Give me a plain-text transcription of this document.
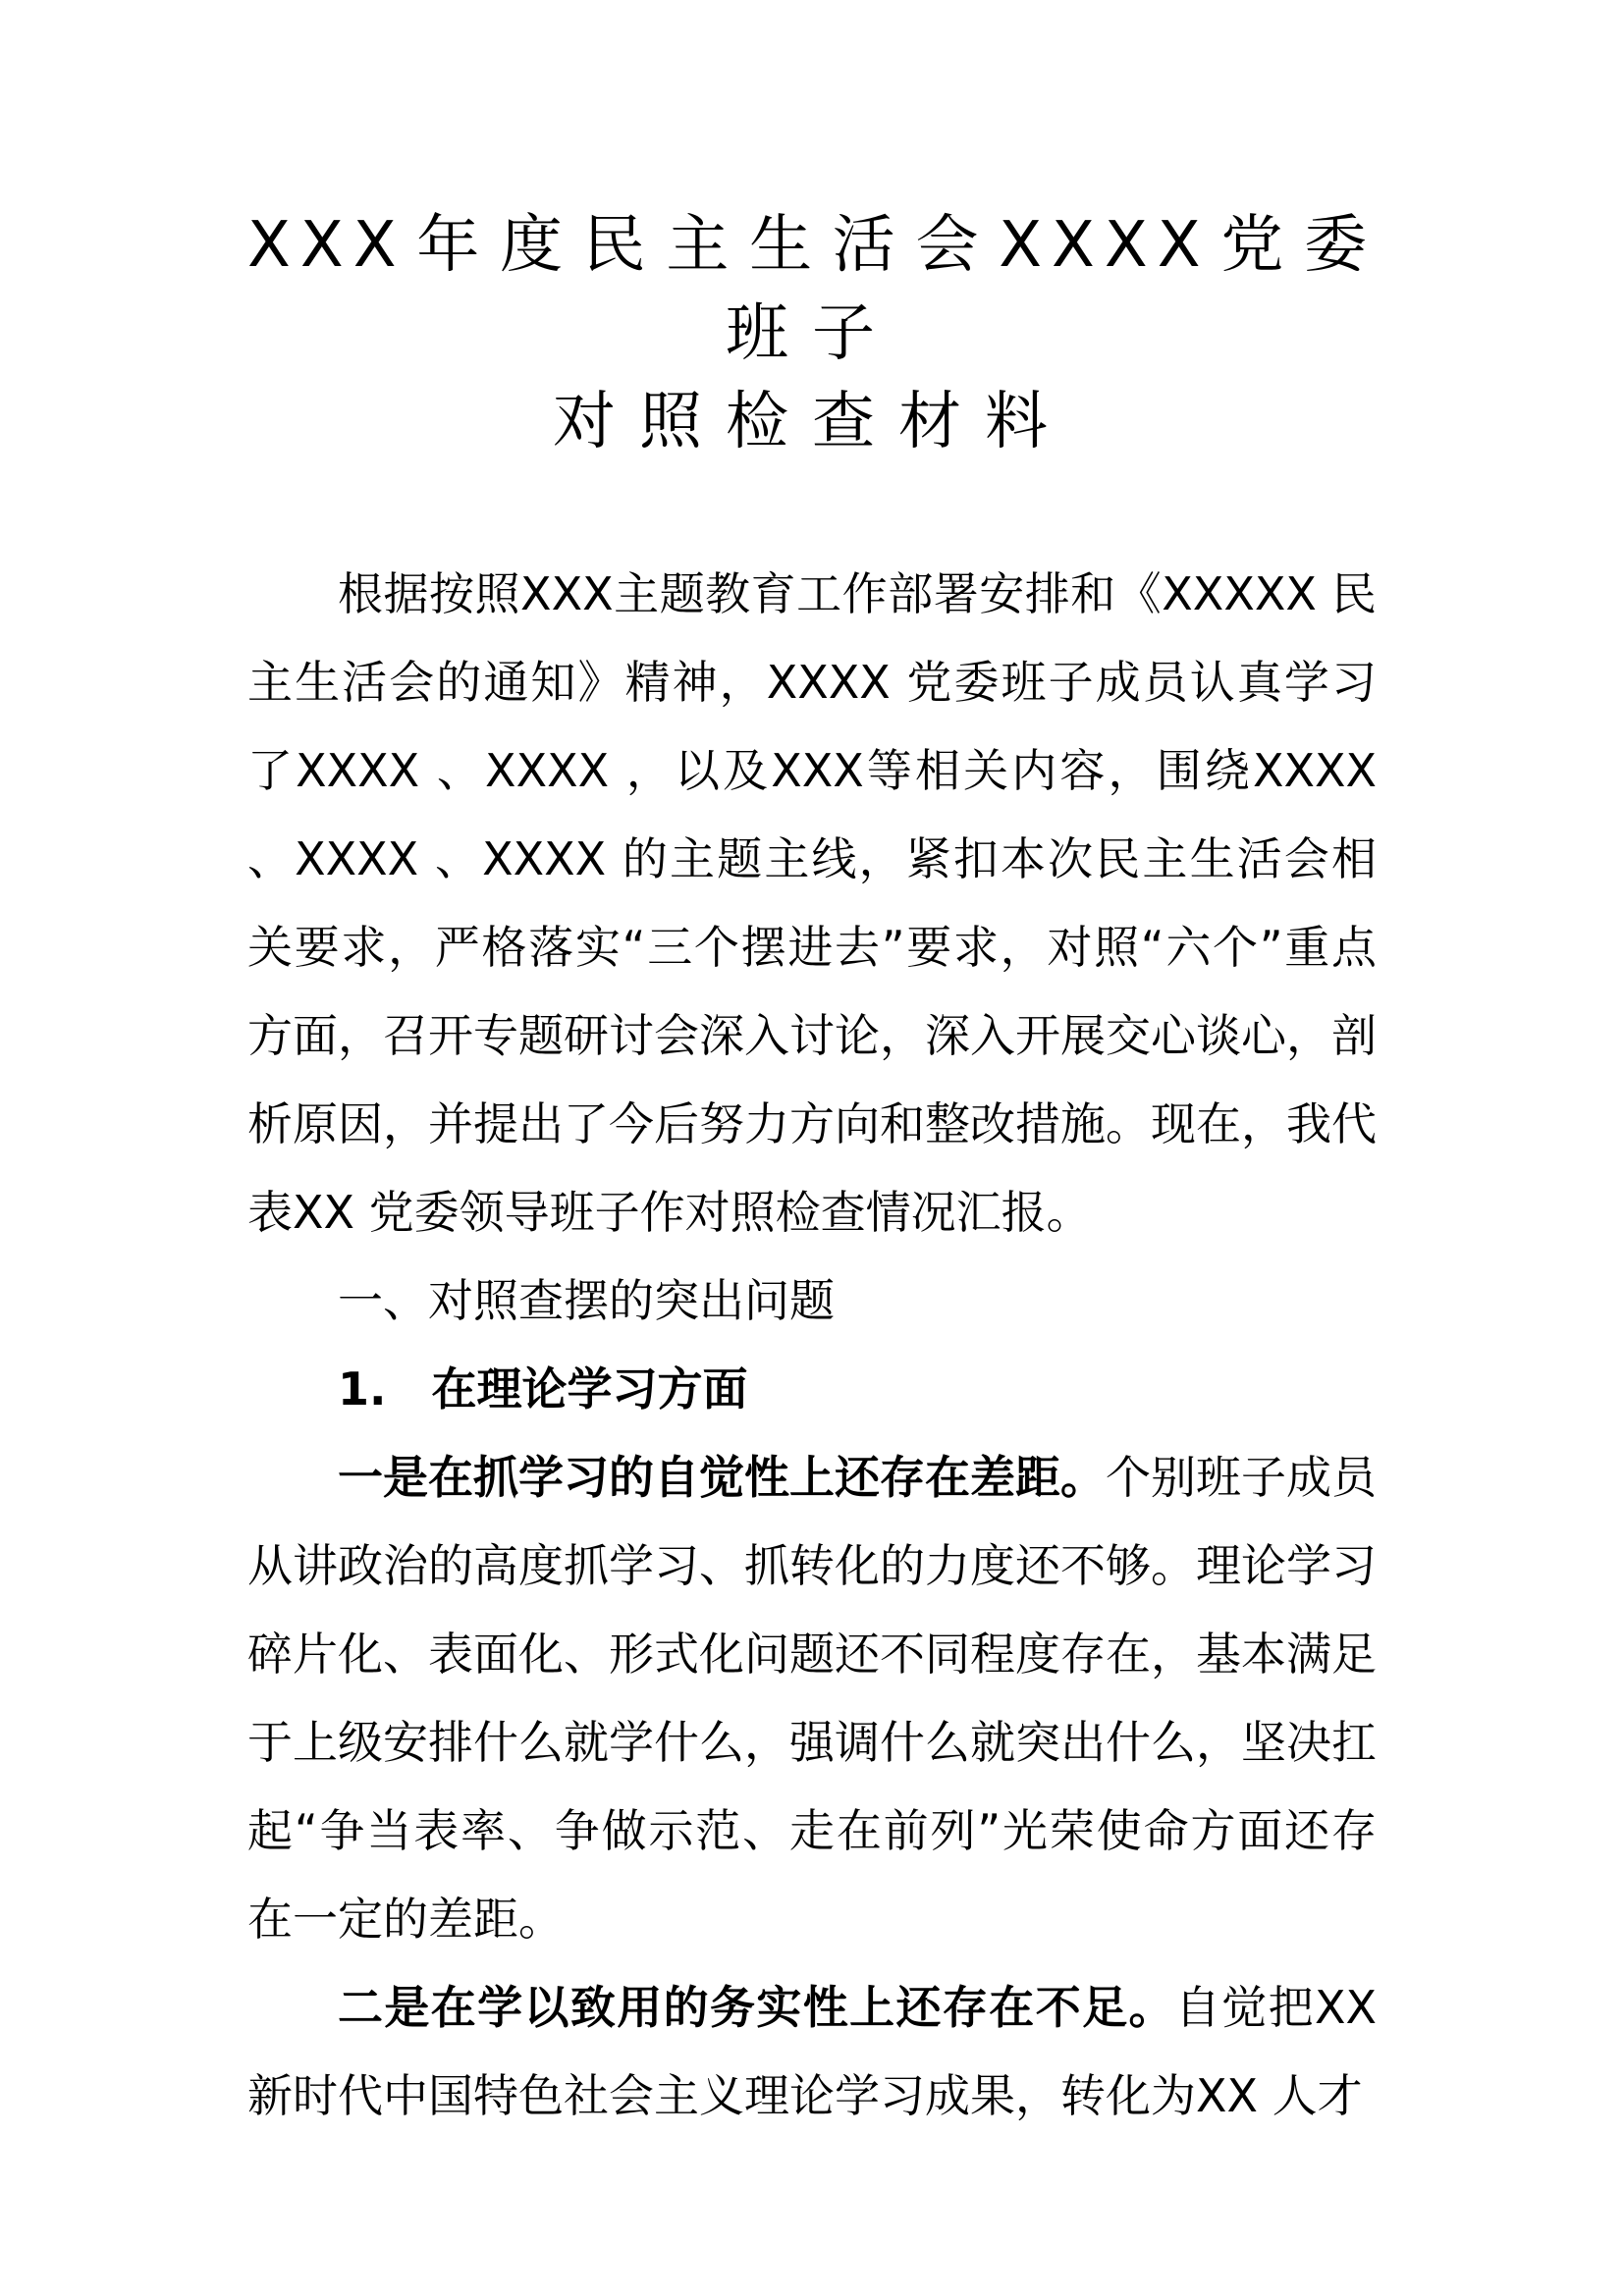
XXX年度民主生活会XXXX党委

班子

对照检查材料

根据按照XXX主题教育工作部署安排和《XXXXX 民主生活会的通知》精神，XXXX 党委班子成员认真学习了XXXX 、XXXX ，以及XXX等相关内容，围绕XXXX 、XXXX 、XXXX 的主题主线，紧扣本次民主生活会相关要求，严格落实“三个摆进去”要求，对照“六个”重点方面，召开专题研讨会深入讨论，深入开展交心谈心，剖析原因，并提出了今后努力方向和整改措施。现在，我代表XX 党委领导班子作对照检查情况汇报。

一、对照查摆的突出问题

1. 在理论学习方面

一是在抓学习的自觉性上还存在差距。个别班子成员从讲政治的高度抓学习、抓转化的力度还不够。理论学习碎片化、表面化、形式化问题还不同程度存在，基本满足于上级安排什么就学什么，强调什么就突出什么，坚决扛起“争当表率、争做示范、走在前列”光荣使命方面还存在一定的差距。

二是在学以致用的务实性上还存在不足。自觉把XX 新时代中国特色社会主义理论学习成果，转化为XX 人才
